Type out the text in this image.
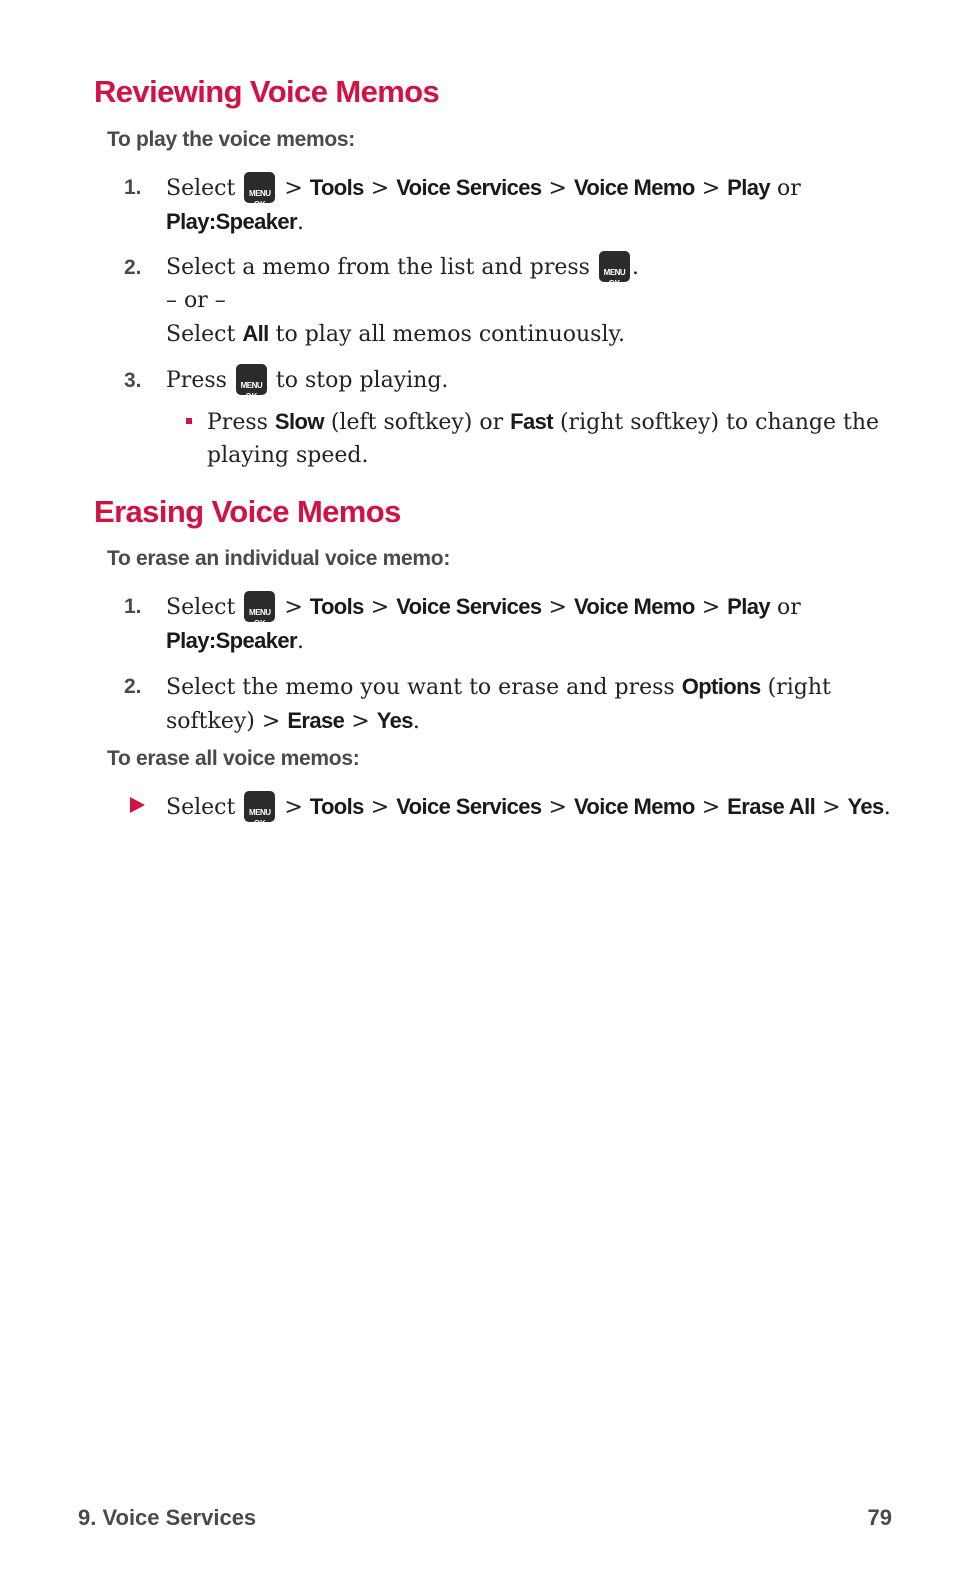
Reviewing Voice Memos

To play the voice memos:

1. Select MENU OK > Tools > Voice Services > Voice Memo > Play or
Play:Speaker.
2. Select a memo from the list and press MENU OK .
– or –
Select All to play all memos continuously.
3. Press MENU OK to stop playing.
Press Slow (left softkey) or Fast (right softkey) to change the playing speed.
Erasing Voice Memos

To erase an individual voice memo:

1. Select MENU OK > Tools > Voice Services > Voice Memo > Play or
Play:Speaker.
2. Select the memo you want to erase and press Options (right softkey) > Erase > Yes.

To erase all voice memos:

Select MENU OK > Tools > Voice Services > Voice Memo > Erase All > Yes.
9. Voice Services	79
